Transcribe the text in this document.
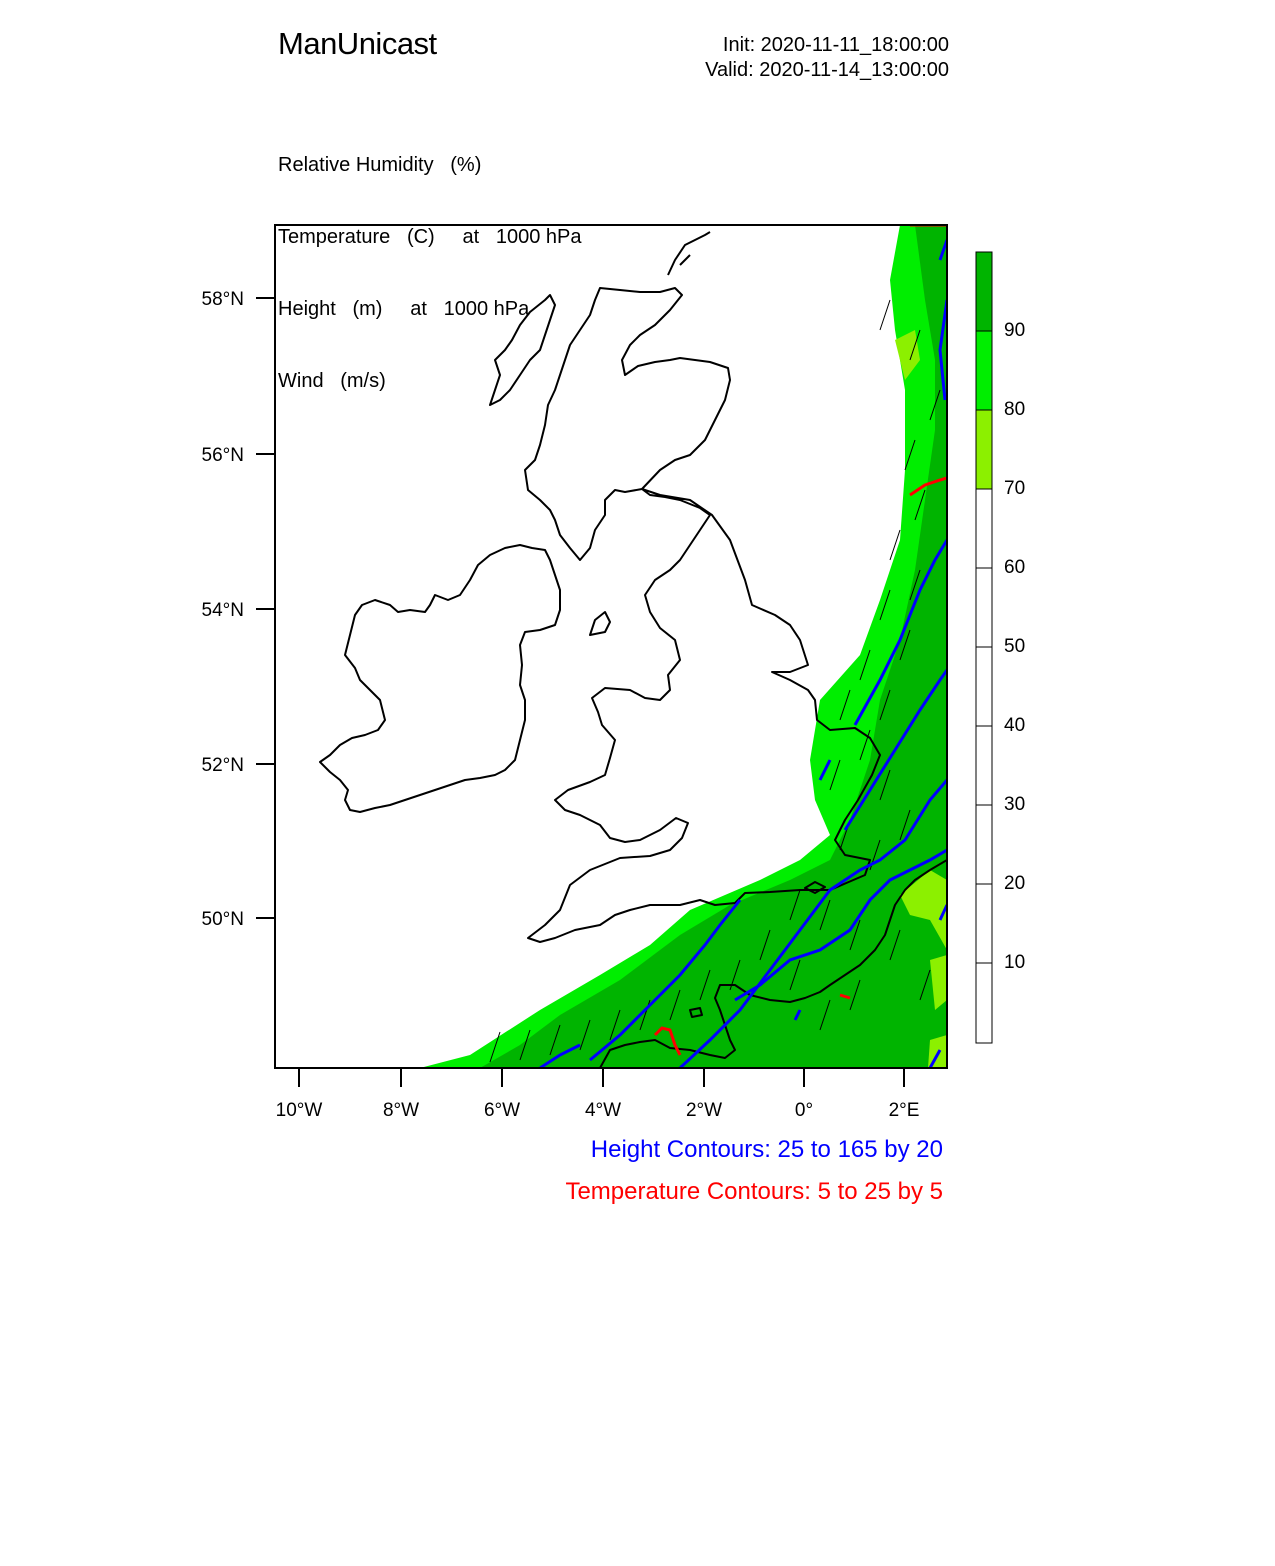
ManUnicast	Init: 2020-11-11_18:00:00
Valid: 2020-11-14_13:00:00

Relative Humidity   (%)

Temperature   (C)     at   1000 hPa

Height   (m)     at   1000 hPa

Wind   (m/s)

58°N
56°N
54°N
52°N
50°N
10°W	8°W	6°W	4°W	2°W	0°	2°E
90
80
70
60
50
40
30
20
10
Height Contours: 25 to 165 by 20
Temperature Contours: 5 to 25 by 5
